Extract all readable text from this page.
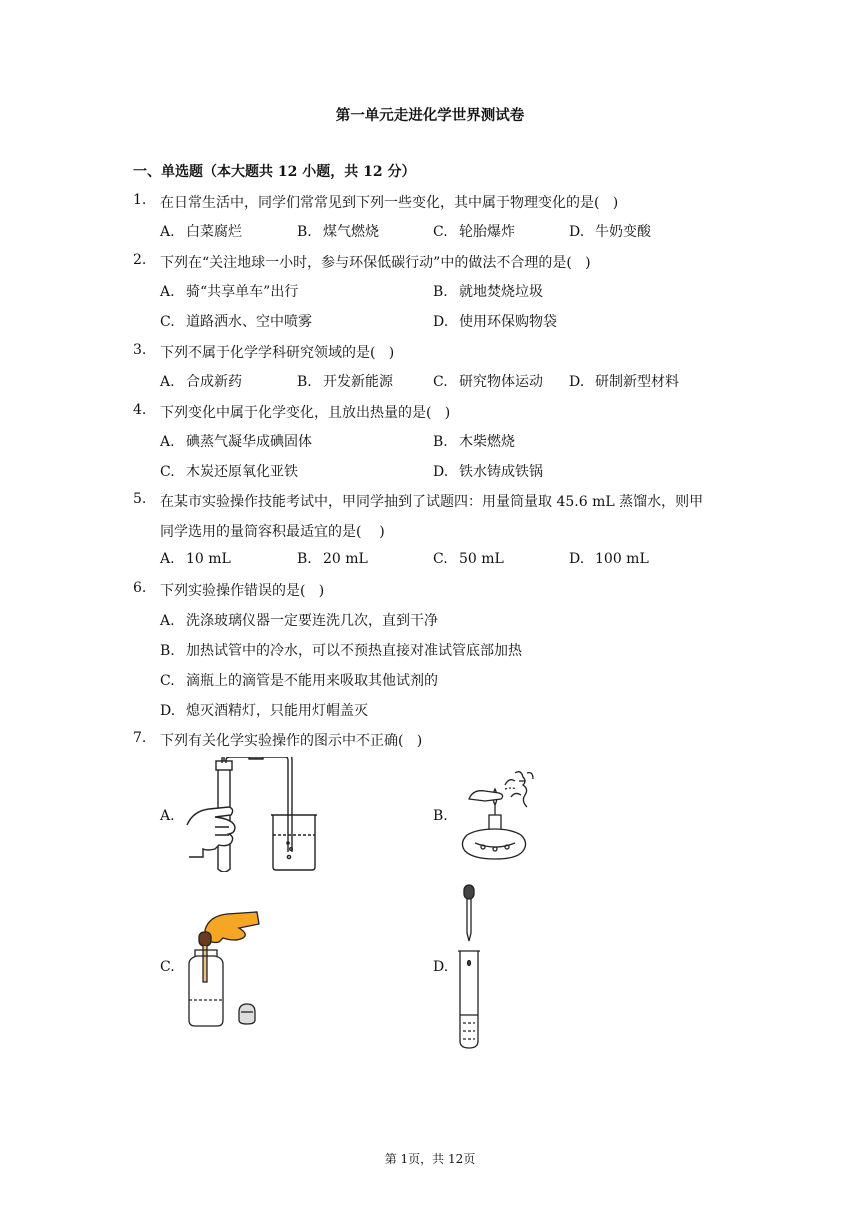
第一单元走进化学世界测试卷
一、单选题（本大题共 12 小题，共 12 分）
1. 在日常生活中，同学们常常见到下列一些变化，其中属于物理变化的是(   )
A. 白菜腐烂	B. 煤气燃烧	C. 轮胎爆炸	D. 牛奶变酸
2. 下列在“关注地球一小时，参与环保低碳行动”中的做法不合理的是(   )
A. 骑“共享单车”出行	B. 就地焚烧垃圾
C. 道路洒水、空中喷雾	D. 使用环保购物袋
3. 下列不属于化学学科研究领域的是(   )
A. 合成新药	B. 开发新能源	C. 研究物体运动 D. 研制新型材料
4. 下列变化中属于化学变化，且放出热量的是(   )
A. 碘蒸气凝华成碘固体	B. 木柴燃烧
C. 木炭还原氧化亚铁	D. 铁水铸成铁锅
5. 在某市实验操作技能考试中，甲同学抽到了试题四：用量筒量取 45.6 mL 蒸馏水，则甲
同学选用的量筒容积最适宜的是(    )
A. 10 mL	B. 20 mL	C. 50 mL	D. 100 mL
6. 下列实验操作错误的是(   )
A. 洗涤玻璃仪器一定要连洗几次，直到干净
B. 加热试管中的冷水，可以不预热直接对准试管底部加热
C. 滴瓶上的滴管是不能用来吸取其他试剂的
D. 熄灭酒精灯，只能用灯帽盖灭
7. 下列有关化学实验操作的图示中不正确(   )
A.	B.
C.	D.
第 1页，共 12页
